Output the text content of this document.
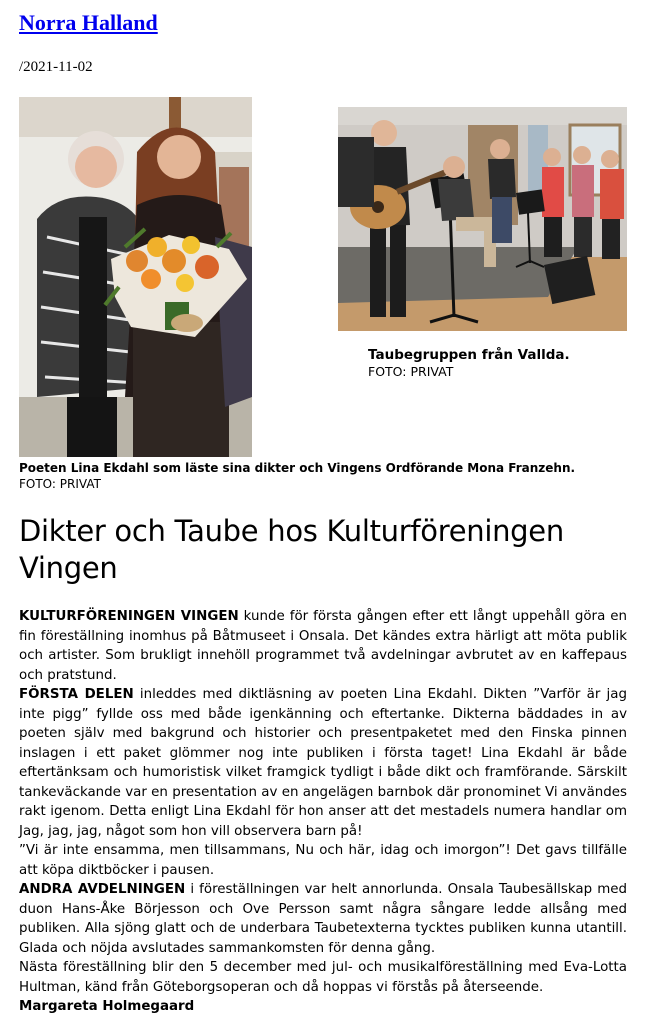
Norra Halland
/2021-11-02
Taubegruppen från Vallda.
FOTO: PRIVAT
Poeten Lina Ekdahl som läste sina dikter och Vingens Ordförande Mona Franzehn.
FOTO: PRIVAT
Dikter och Taube hos Kulturföreningen Vingen

KULTURFÖRENINGEN VINGEN kunde för första gången efter ett långt uppehåll göra en fin föreställning inomhus på Båtmuseet i Onsala. Det kändes extra härligt att möta publik och artister. Som brukligt innehöll programmet två avdelningar avbrutet av en kaffepaus och pratstund.

FÖRSTA DELEN inleddes med diktläsning av poeten Lina Ekdahl. Dikten ”Varför är jag inte pigg” fyllde oss med både igenkänning och eftertanke. Dikterna bäddades in av poeten själv med bakgrund och historier och presentpaketet med den Finska pinnen inslagen i ett paket glömmer nog inte publiken i första taget! Lina Ekdahl är både eftertänksam och humoristisk vilket framgick tydligt i både dikt och framförande. Särskilt tankeväckande var en presentation av en angelägen barnbok där pronominet Vi användes rakt igenom. Detta enligt Lina Ekdahl för hon anser att det mestadels numera handlar om Jag, jag, jag, något som hon vill observera barn på!

”Vi är inte ensamma, men tillsammans, Nu och här, idag och imorgon”! Det gavs tillfälle att köpa diktböcker i pausen.

ANDRA AVDELNINGEN i föreställningen var helt annorlunda. Onsala Taubesällskap med duon Hans-Åke Börjesson och Ove Persson samt några sångare ledde allsång med publiken. Alla sjöng glatt och de underbara Taubetexterna tycktes publiken kunna utantill. Glada och nöjda avslutades sammankomsten för denna gång.

Nästa föreställning blir den 5 december med jul- och musikalföreställning med Eva-Lotta Hultman, känd från Göteborgsoperan och då hoppas vi förstås på återseende.

Margareta Holmegaard
